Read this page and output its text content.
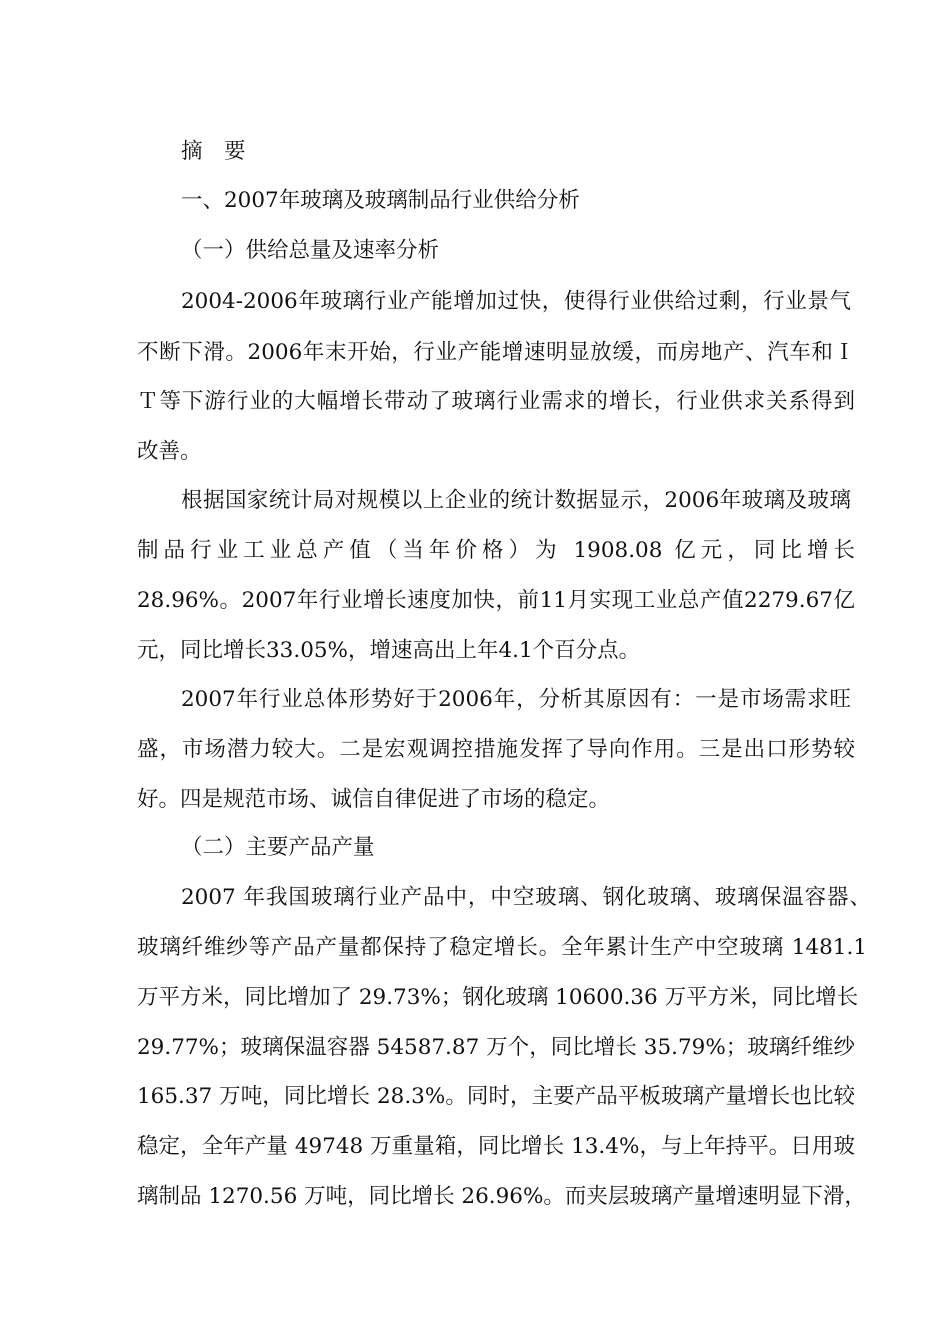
摘　要
一、2007年玻璃及玻璃制品行业供给分析
（一）供给总量及速率分析
2004-2006年玻璃行业产能增加过快，使得行业供给过剩，行业景气
不断下滑。2006年末开始，行业产能增速明显放缓，而房地产、汽车和Ｉ
Ｔ等下游行业的大幅增长带动了玻璃行业需求的增长，行业供求关系得到
改善。
根据国家统计局对规模以上企业的统计数据显示，2006年玻璃及玻璃
制品行业工业总产值（当年价格）为 1908.08 亿元，同比增长
28.96%。2007年行业增长速度加快，前11月实现工业总产值2279.67亿
元，同比增长33.05%，增速高出上年4.1个百分点。
2007年行业总体形势好于2006年，分析其原因有：一是市场需求旺
盛，市场潜力较大。二是宏观调控措施发挥了导向作用。三是出口形势较
好。四是规范市场、诚信自律促进了市场的稳定。
（二）主要产品产量
2007 年我国玻璃行业产品中，中空玻璃、钢化玻璃、玻璃保温容器、
玻璃纤维纱等产品产量都保持了稳定增长。全年累计生产中空玻璃 1481.1
万平方米，同比增加了 29.73%；钢化玻璃 10600.36 万平方米，同比增长
29.77%；玻璃保温容器 54587.87 万个，同比增长 35.79%；玻璃纤维纱
165.37 万吨，同比增长 28.3%。同时，主要产品平板玻璃产量增长也比较
稳定，全年产量 49748 万重量箱，同比增长 13.4%，与上年持平。日用玻
璃制品 1270.56 万吨，同比增长 26.96%。而夹层玻璃产量增速明显下滑，
